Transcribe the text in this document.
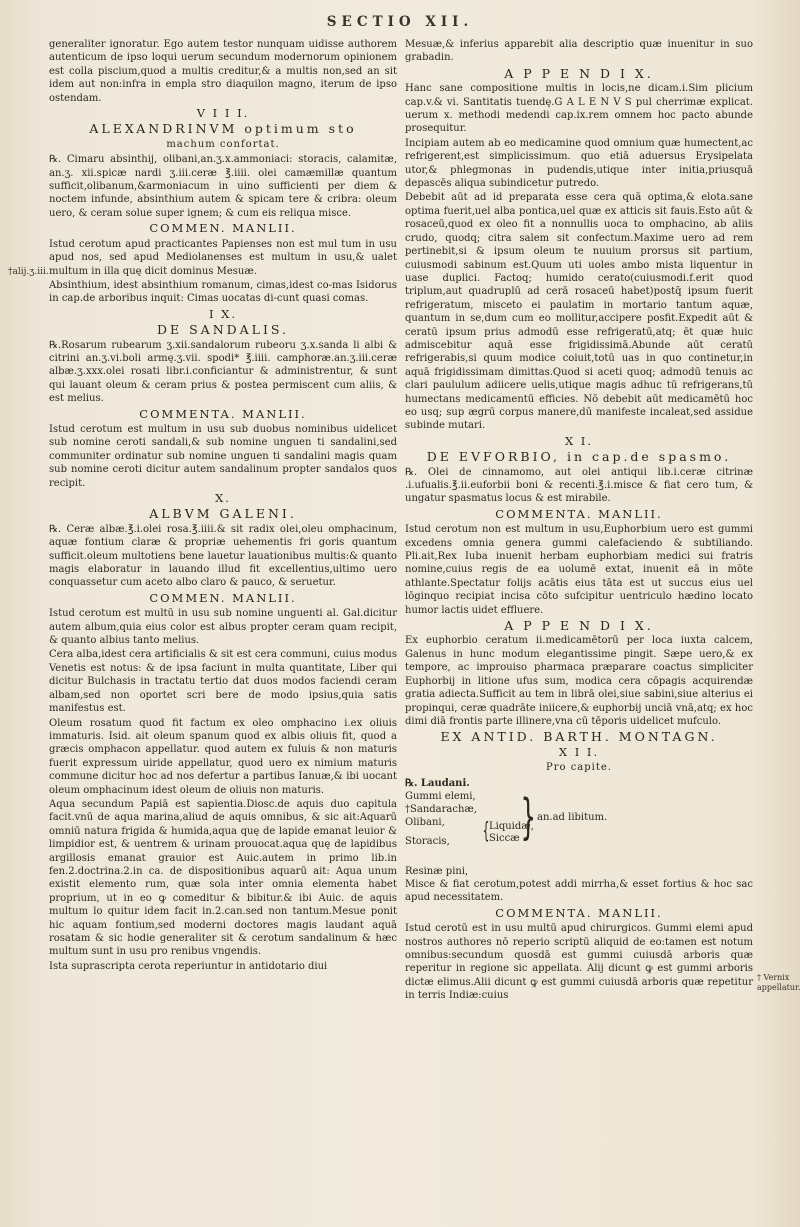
SECTIO XII.
†alij.ʒ.iii.
† Vernix appellatur.

generaliter ignoratur. Ego autem testor nunquam uidisse authorem autenticum de ipso loqui uerum secundum modernorum opinionem est colla piscium,quod a multis creditur,& a multis non,sed an sit idem aut non:infra in empla stro diaquilon magno, iterum de ipso ostendam.

V I I I.
ALEXANDRINVM optimum sto
machum confortat.

℞. Cimaru absinthij, olibani,an.ʒ.x.ammoniaci: storacis, calamitæ, an.ʒ. xii.spicæ nardi ʒ.iii.ceræ ℥.iiii. olei camæmillæ quantum sufficit,olibanum,&armoniacum in uino sufficienti per diem & noctem infunde, absinthium autem & spicam tere & cribra: oleum uero, & ceram solue super ignem; & cum eis reliqua misce.

COMMEN. MANLII.

Istud cerotum apud practicantes Papienses non est mul tum in usu apud nos, sed apud Mediolanenses est multum in usu,& ualet multum in illa quę dicit dominus Mesuæ.

Absinthium, idest absinthium romanum, cimas,idest co-mas Isidorus in cap.de arboribus inquit: Cimas uocatas di-cunt quasi comas.

I X.
DE SANDALIS.

℞.Rosarum rubearum ʒ.xii.sandalorum rubeoru ʒ.x.sanda li albi & citrini an.ʒ.vi.boli armę.ʒ.vii. spodi* ℥.iiii. camphoræ.an.ʒ.iii.ceræ albæ.ʒ.xxx.olei rosati libr.i.conficiantur & administrentur, & sunt qui lauant oleum & ceram prius & postea permiscent cum aliis, & est melius.

COMMENTA. MANLII.

Istud cerotum est multum in usu sub duobus nominibus uidelicet sub nomine ceroti sandali,& sub nomine unguen ti sandalini,sed communiter ordinatur sub nomine unguen ti sandalini magis quam sub nomine ceroti dicitur autem sandalinum propter sandalos quos recipit.

X.
ALBVM GALENI.

℞. Ceræ albæ.℥.i.olei rosa.℥.iiii.& sit radix olei,oleu omphacinum, aquæ fontium claræ & propriæ uehementis fri goris quantum sufficit.oleum multotiens bene lauetur lauationibus multis:& quanto magis elaboratur in lauando illud fit excellentius,ultimo uero conquassetur cum aceto albo claro & pauco, & seruetur.

COMMEN. MANLII.

Istud cerotum est multū in usu sub nomine unguenti al. Gal.dicitur autem album,quia eius color est albus propter ceram quam recipit, & quanto albius tanto melius.

Cera alba,idest cera artificialis & sit est cera communi, cuius modus Venetis est notus: & de ipsa faciunt in multa quantitate, Liber qui dicitur Bulchasis in tractatu tertio dat duos modos faciendi ceram albam,sed non oportet scri bere de modo ipsius,quia satis manifestus est.

Oleum rosatum quod fit factum ex oleo omphacino i.ex oliuis immaturis. Isid. ait oleum spanum quod ex albis oliuis fit, quod a græcis omphacon appellatur. quod autem ex fuluis & non maturis fuerit expressum uiride appellatur, quod uero ex nimium maturis commune dicitur hoc ad nos defertur a partibus Ianuæ,& ibi uocant oleum omphacinum idest oleum de oliuis non maturis.

Aqua secundum Papiā est sapientia.Diosc.de aquis duo capitula facit.vnū de aqua marina,aliud de aquis omnibus, & sic ait:Aquarū omniū natura frigida & humida,aqua quę de lapide emanat leuior & limpidior est, & uentrem & urinam prouocat.aqua quę de lapidibus argillosis emanat grauior est Auic.autem in primo lib.in fen.2.doctrina.2.in ca. de dispositionibus aquarū ait: Aqua unum existit elemento rum, quæ sola inter omnia elementa habet proprium, ut in eo ꝙ comeditur & bibitur.& ibi Auic. de aquis multum lo quitur idem facit in.2.can.sed non tantum.Mesue ponit hic aquam fontium,sed moderni doctores magis laudant aquā rosatam & sic hodie generaliter sit & cerotum sandalinum & hæc multum sunt in usu pro renibus vngendis.

Ista suprascripta cerota reperiuntur in antidotario diui

Mesuæ,& inferius apparebit alia descriptio quæ inuenitur in suo grabadin.

A P P E N D I X.

Hanc sane compositione multis in locis,ne dicam.i.Sim plicium cap.v.& vi. Santitatis tuendę.G A L E N V S pul cherrimæ explicat. uerum x. methodi medendi cap.ix.rem omnem hoc pacto abunde prosequitur.

Incipiam autem ab eo medicamine quod omnium quæ humectent,ac refrigerent,est simplicissimum. quo etiā aduersus Erysipelata utor,& phlegmonas in pudendis,utique inter initia,priusquā depascēs aliqua subindicetur putredo.

Debebit aūt ad id preparata esse cera quā optima,& elota.sane optima fuerit,uel alba pontica,uel quæ ex atticis sit fauis.Esto aūt & rosaceū,quod ex oleo fit a nonnullis uoca to omphacino, ab aliis crudo, quodq; citra salem sit confectum.Maxime uero ad rem pertinebit,si & ipsum oleum te nuuium prorsus sit partium, cuiusmodi sabinum est.Quum uti uoles ambo mista liquentur in uase duplici. Factoq; humido cerato(cuiusmodi.f.erit quod triplum,aut quadruplū ad cerā rosaceū habet)postq̄ ipsum fuerit refrigeratum, misceto ei paulatim in mortario tantum aquæ, quantum in se,dum cum eo mollitur,accipere posfit.Expedit aūt & ceratū ipsum prius admodū esse refrigeratū,atq; ēt quæ huic admiscebitur aquā esse frigidissimā.Abunde aūt ceratū refrigerabis,si quum modice coiuit,totū uas in quo continetur,in aquā frigidissimam dimittas.Quod si aceti quoq; admodū tenuis ac clari paululum adiicere uelis,utique magis adhuc tū refrigerans,tū humectans medicamentū efficies. Nō debebit aūt medicamētū hoc eo usq; sup ægrū corpus manere,dū manifeste incaleat,sed assidue subinde mutari.

X I.
DE EVFORBIO, in cap.de spasmo.

℞. Olei de cinnamomo, aut olei antiqui lib.i.ceræ citrinæ .i.ufualis.℥.ii.euforbii boni & recenti.℥.i.misce & fiat cero tum, & ungatur spasmatus locus & est mirabile.

COMMENTA. MANLII.

Istud cerotum non est multum in usu,Euphorbium uero est gummi excedens omnia genera gummi calefaciendo & subtiliando. Pli.ait,Rex Iuba inuenit herbam euphorbiam medici sui fratris nomine,cuius regis de ea uolumē extat, inuenit eā in mōte athlante.Spectatur folijs acātis eius tāta est ut succus eius uel lōginquo recipiat incisa cōto sufcipitur uentriculo hædino locato humor lactis uidet effluere.

A P P E N D I X.

Ex euphorbio ceratum ii.medicamētorū per loca iuxta calcem, Galenus in hunc modum elegantissime pingit. Sæpe uero,& ex tempore, ac improuiso pharmaca præparare coactus simpliciter Euphorbij in litione ufus sum, modica cera cōpagis acquirendæ gratia adiecta.Sufficit au tem in librā olei,siue sabini,siue alterius ei propinqui, ceræ quadrāte iniicere,& euphorbij unciā vnā,atq; ex hoc dimi diā frontis parte illinere,vna cū tēporis uidelicet mufculo.

EX ANTID. BARTH. MONTAGN.
X I I.
Pro capite.
℞. Laudani.
Gummi elemi,
†Sandarachæ,
Olibani,
Storacis,	{ Liquidæ,
Siccæ } an.ad libitum.
Resinæ pini,

Misce & fiat cerotum,potest addi mirrha,& esset fortius & hoc sac apud necessitatem.

COMMENTA. MANLII.

Istud cerotū est in usu multū apud chirurgicos. Gummi elemi apud nostros authores nō reperio scriptū aliquid de eo:tamen est notum omnibus:secundum quosdā est gummi cuiusdā arboris quæ reperitur in regione sic appellata. Alij dicunt ꝙ est gummi arboris dictæ elimus.Alii dicunt ꝙ est gummi cuiusdā arboris quæ repetitur in terris Indiæ:cuius
